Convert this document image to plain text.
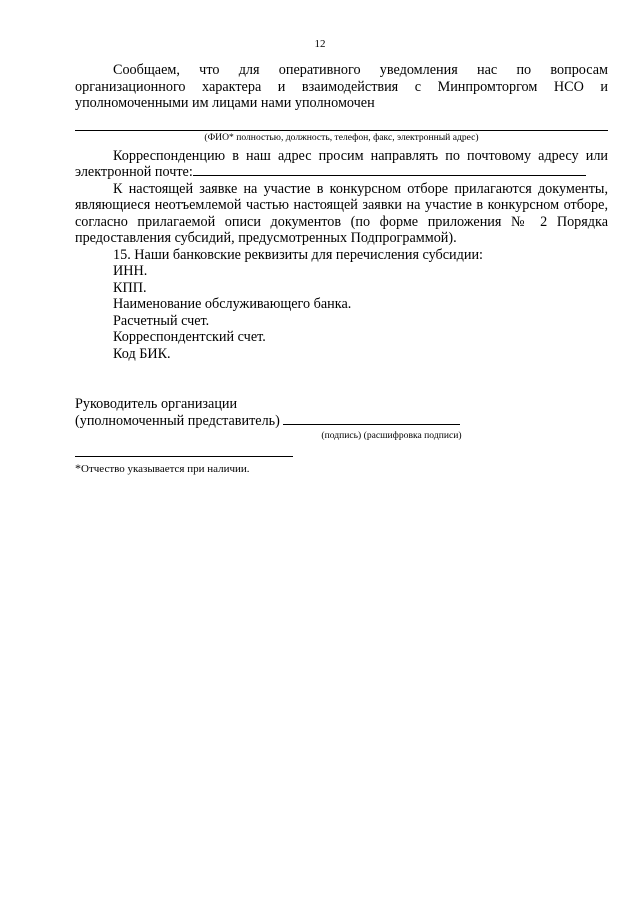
12

Сообщаем, что для оперативного уведомления нас по вопросам организационного характера и взаимодействия с Минпромторгом НСО и уполномоченными им лицами нами уполномочен

(ФИО* полностью, должность, телефон, факс, электронный адрес)

Корреспонденцию в наш адрес просим направлять по почтовому адресу или электронной почте:

К настоящей заявке на участие в конкурсном отборе прилагаются документы, являющиеся неотъемлемой частью настоящей заявки на участие в конкурсном отборе, согласно прилагаемой описи документов (по форме приложения № 2 Порядка предоставления субсидий, предусмотренных Подпрограммой).

15. Наши банковские реквизиты для перечисления субсидии:

ИНН.
КПП.
Наименование обслуживающего банка.
Расчетный счет.
Корреспондентский счет.
Код БИК.
Руководитель организации
(уполномоченный представитель)
(подпись) (расшифровка подписи)
*Отчество указывается при наличии.
